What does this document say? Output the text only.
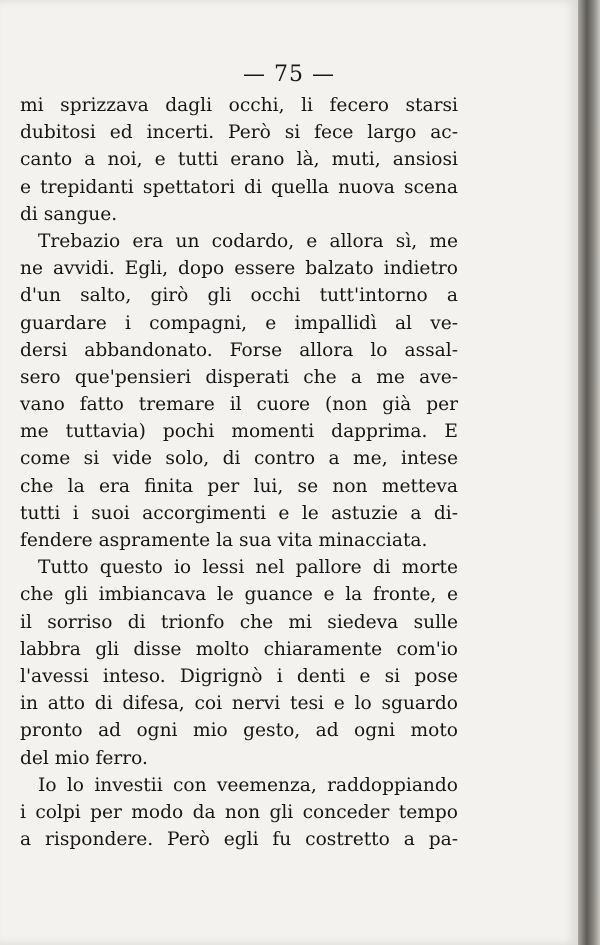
— 75 —
mi sprizzava dagli occhi, li fecero starsi
dubitosi ed incerti. Però si fece largo ac-
canto a noi, e tutti erano là, muti, ansiosi
e trepidanti spettatori di quella nuova scena
di sangue.
Trebazio era un codardo, e allora sì, me
ne avvidi. Egli, dopo essere balzato indietro
d'un salto, girò gli occhi tutt'intorno a
guardare i compagni, e impallidì al ve-
dersi abbandonato. Forse allora lo assal-
sero que'pensieri disperati che a me ave-
vano fatto tremare il cuore (non già per
me tuttavia) pochi momenti dapprima. E
come si vide solo, di contro a me, intese
che la era finita per lui, se non metteva
tutti i suoi accorgimenti e le astuzie a di-
fendere aspramente la sua vita minacciata.
Tutto questo io lessi nel pallore di morte
che gli imbiancava le guance e la fronte, e
il sorriso di trionfo che mi siedeva sulle
labbra gli disse molto chiaramente com'io
l'avessi inteso. Digrignò i denti e si pose
in atto di difesa, coi nervi tesi e lo sguardo
pronto ad ogni mio gesto, ad ogni moto
del mio ferro.
Io lo investii con veemenza, raddoppiando
i colpi per modo da non gli conceder tempo
a rispondere. Però egli fu costretto a pa-
